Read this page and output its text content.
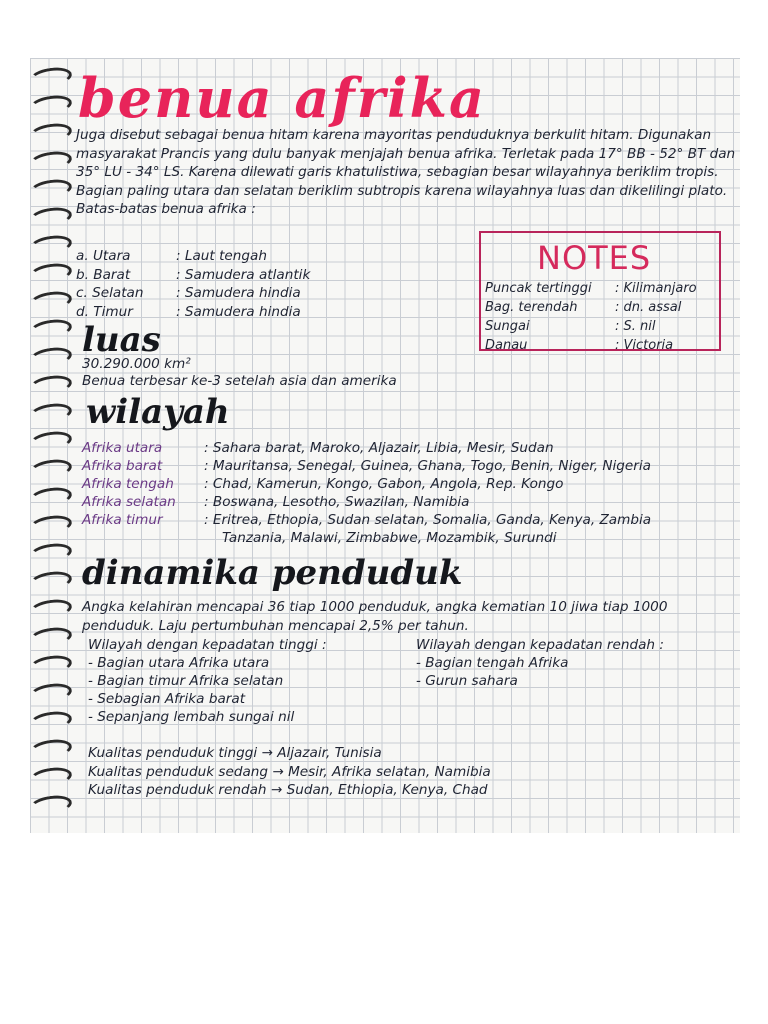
benua afrika

Juga disebut sebagai benua hitam karena mayoritas penduduknya berkulit hitam. Digunakan masyarakat Prancis yang dulu banyak menjajah benua afrika. Terletak pada 17° BB - 52° BT dan 35° LU - 34° LS. Karena dilewati garis khatulistiwa, sebagian besar wilayahnya beriklim tropis. Bagian paling utara dan selatan beriklim subtropis karena wilayahnya luas dan dikelilingi plato. Batas-batas benua afrika :

a. Utara	: Laut tengah
b. Barat	: Samudera atlantik
c. Selatan : Samudera hindia
d. Timur	: Samudera hindia
NOTES
Puncak tertinggi : Kilimanjaro
Bag. terendah	: dn. assal
Sungai	: S. nil
Danau	: Victoria
luas

30.290.000 km²

Benua terbesar ke-3 setelah asia dan amerika

wilayah
Afrika utara	: Sahara barat, Maroko, Aljazair, Libia, Mesir, Sudan
Afrika barat	: Mauritansa, Senegal, Guinea, Ghana, Togo, Benin, Niger, Nigeria
Afrika tengah : Chad, Kamerun, Kongo, Gabon, Angola, Rep. Kongo
Afrika selatan : Boswana, Lesotho, Swazilan, Namibia
Afrika timur	: Eritrea, Ethopia, Sudan selatan, Somalia, Ganda, Kenya, Zambia
Tanzania, Malawi, Zimbabwe, Mozambik, Surundi
dinamika penduduk

Angka kelahiran mencapai 36 tiap 1000 penduduk, angka kematian 10 jiwa tiap 1000 penduduk. Laju pertumbuhan mencapai 2,5% per tahun.

Wilayah dengan kepadatan tinggi :
- Bagian utara Afrika utara
- Bagian timur Afrika selatan
- Sebagian Afrika barat
- Sepanjang lembah sungai nil
Wilayah dengan kepadatan rendah :
- Bagian tengah Afrika
- Gurun sahara
Kualitas penduduk tinggi → Aljazair, Tunisia
Kualitas penduduk sedang → Mesir, Afrika selatan, Namibia
Kualitas penduduk rendah → Sudan, Ethiopia, Kenya, Chad
